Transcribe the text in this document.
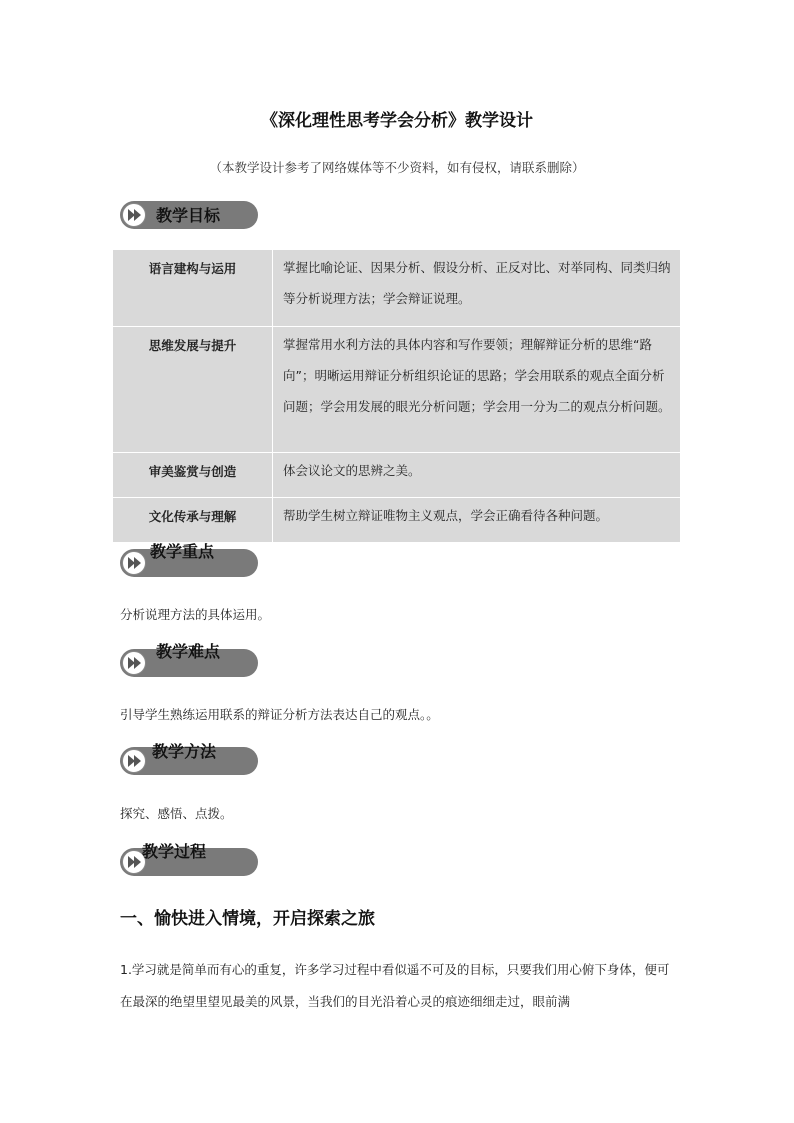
《深化理性思考学会分析》教学设计
（本教学设计参考了网络媒体等不少资料，如有侵权，请联系删除）
教学目标
语言建构与运用	掌握比喻论证、因果分析、假设分析、正反对比、对举同构、同类归纳等分析说理方法；学会辩证说理。

思维发展与提升	掌握常用水利方法的具体内容和写作要领；理解辩证分析的思维“路向”；明晰运用辩证分析组织论证的思路；学会用联系的观点全面分析问题；学会用发展的眼光分析问题；学会用一分为二的观点分析问题。

审美鉴赏与创造	体会议论文的思辨之美。

文化传承与理解	帮助学生树立辩证唯物主义观点，学会正确看待各种问题。
教学重点
分析说理方法的具体运用。
教学难点
引导学生熟练运用联系的辩证分析方法表达自己的观点。。
教学方法
探究、感悟、点拨。
教学过程
一、愉快进入情境，开启探索之旅
1.学习就是简单而有心的重复，许多学习过程中看似遥不可及的目标，只要我们用心俯下身体，便可在最深的绝望里望见最美的风景，当我们的目光沿着心灵的痕迹细细走过，眼前满
